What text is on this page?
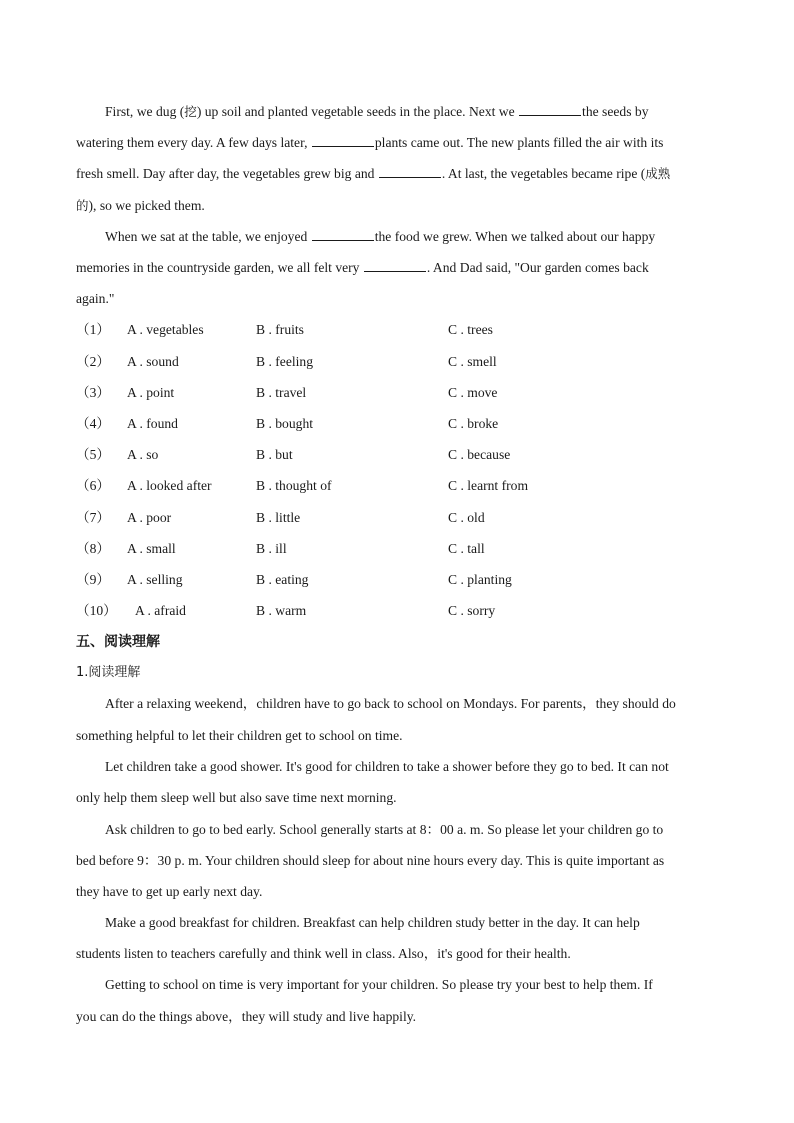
First, we dug (挖) up soil and planted vegetable seeds in the place. Next we	the seeds by
watering them every day. A few days later,	plants came out. The new plants filled the air with its
fresh smell. Day after day, the vegetables grew big and	. At last, the vegetables became ripe (成熟
的), so we picked them.
When we sat at the table, we enjoyed	the food we grew. When we talked about our happy
memories in the countryside garden, we all felt very	. And Dad said, "Our garden comes back
again."
（1） A . vegetables	B . fruits	C . trees
（2） A . sound	B . feeling	C . smell
（3） A . point	B . travel	C . move
（4） A . found	B . bought	C . broke
（5） A . so	B . but	C . because
（6） A . looked after	B . thought of	C . learnt from
（7） A . poor	B . little	C . old
（8） A . small	B . ill	C . tall
（9） A . selling	B . eating	C . planting
（10） A . afraid	B . warm	C . sorry
五、阅读理解
1.阅读理解
After a relaxing weekend，children have to go back to school on Mondays. For parents，they should do
something helpful to let their children get to school on time.
Let children take a good shower. It's good for children to take a shower before they go to bed. It can not
only help them sleep well but also save time next morning.
Ask children to go to bed early. School generally starts at 8：00 a. m. So please let your children go to
bed before 9：30 p. m. Your children should sleep for about nine hours every day. This is quite important as
they have to get up early next day.
Make a good breakfast for children. Breakfast can help children study better in the day. It can help
students listen to teachers carefully and think well in class. Also，it's good for their health.
Getting to school on time is very important for your children. So please try your best to help them. If
you can do the things above，they will study and live happily.
